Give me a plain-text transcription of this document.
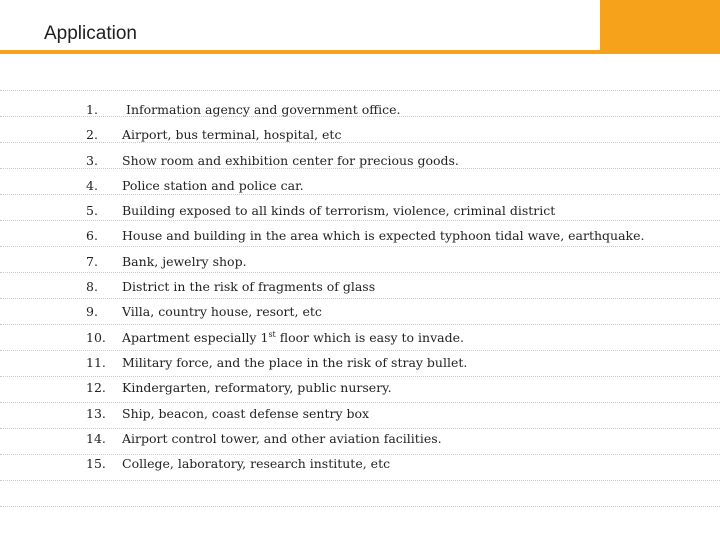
Application
1. Information agency and government office.
2. Airport, bus terminal, hospital, etc
3. Show room and exhibition center for precious goods.
4. Police station and police car.
5. Building exposed to all kinds of terrorism, violence, criminal district
6. House and building in the area which is expected typhoon tidal wave, earthquake.
7. Bank, jewelry shop.
8. District in the risk of fragments of glass
9. Villa, country house, resort, etc
10. Apartment especially 1st floor which is easy to invade.
11. Military force, and the place in the risk of stray bullet.
12. Kindergarten, reformatory, public nursery.
13. Ship, beacon, coast defense sentry box
14. Airport control tower, and other aviation facilities.
15. College, laboratory, research institute, etc
